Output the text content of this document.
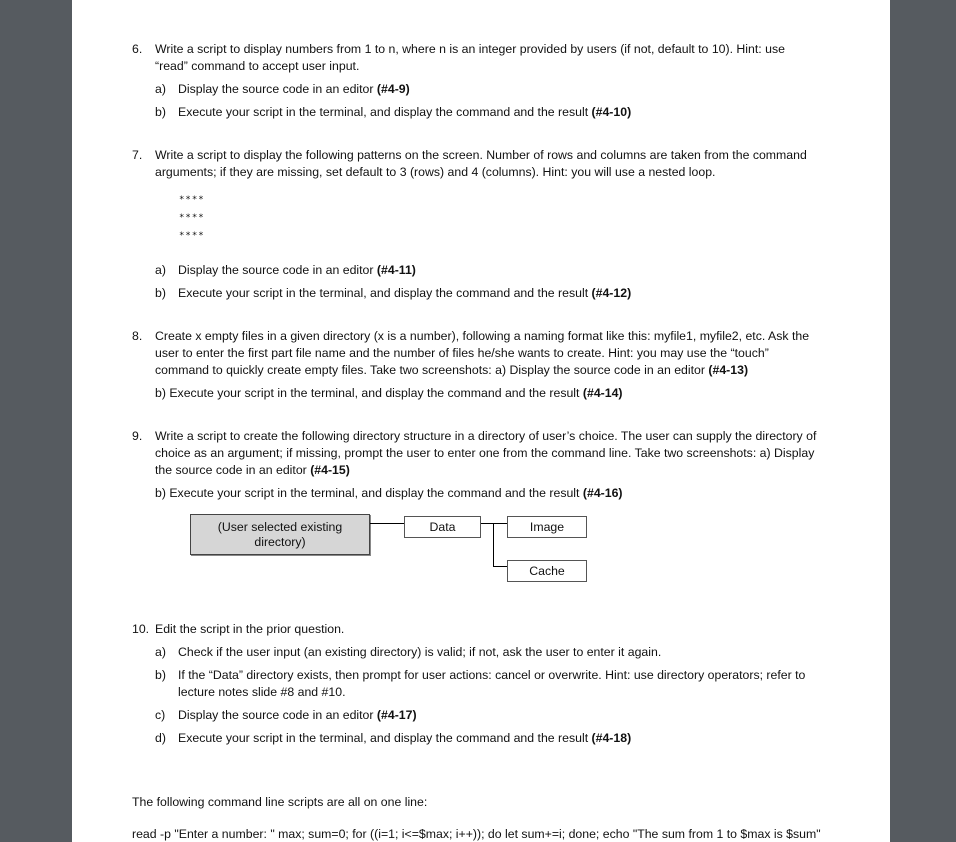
6. Write a script to display numbers from 1 to n, where n is an integer provided by users (if not, default to 10). Hint: use
“read” command to accept user input.
a) Display the source code in an editor (#4-9)
b) Execute your script in the terminal, and display the command and the result (#4-10)
7. Write a script to display the following patterns on the screen. Number of rows and columns are taken from the command
arguments; if they are missing, set default to 3 (rows) and 4 (columns). Hint: you will use a nested loop.
****
****
****
a) Display the source code in an editor (#4-11)
b) Execute your script in the terminal, and display the command and the result (#4-12)
8. Create x empty files in a given directory (x is a number), following a naming format like this: myfile1, myfile2, etc. Ask the
user to enter the first part file name and the number of files he/she wants to create. Hint: you may use the “touch”
command to quickly create empty files. Take two screenshots: a) Display the source code in an editor (#4-13)
b) Execute your script in the terminal, and display the command and the result (#4-14)
9. Write a script to create the following directory structure in a directory of user’s choice. The user can supply the directory of
choice as an argument; if missing, prompt the user to enter one from the command line. Take two screenshots: a) Display
the source code in an editor (#4-15)
b) Execute your script in the terminal, and display the command and the result (#4-16)
(User selected existing
directory)
Data	Image
Cache
10. Edit the script in the prior question.
a) Check if the user input (an existing directory) is valid; if not, ask the user to enter it again.
b) If the “Data” directory exists, then prompt for user actions: cancel or overwrite. Hint: use directory operators; refer to
lecture notes slide #8 and #10.
c) Display the source code in an editor (#4-17)
d) Execute your script in the terminal, and display the command and the result (#4-18)
The following command line scripts are all on one line:
read -p "Enter a number: " max; sum=0; for ((i=1; i<=$max; i++)); do let sum+=i; done; echo "The sum from 1 to $max is $sum"
